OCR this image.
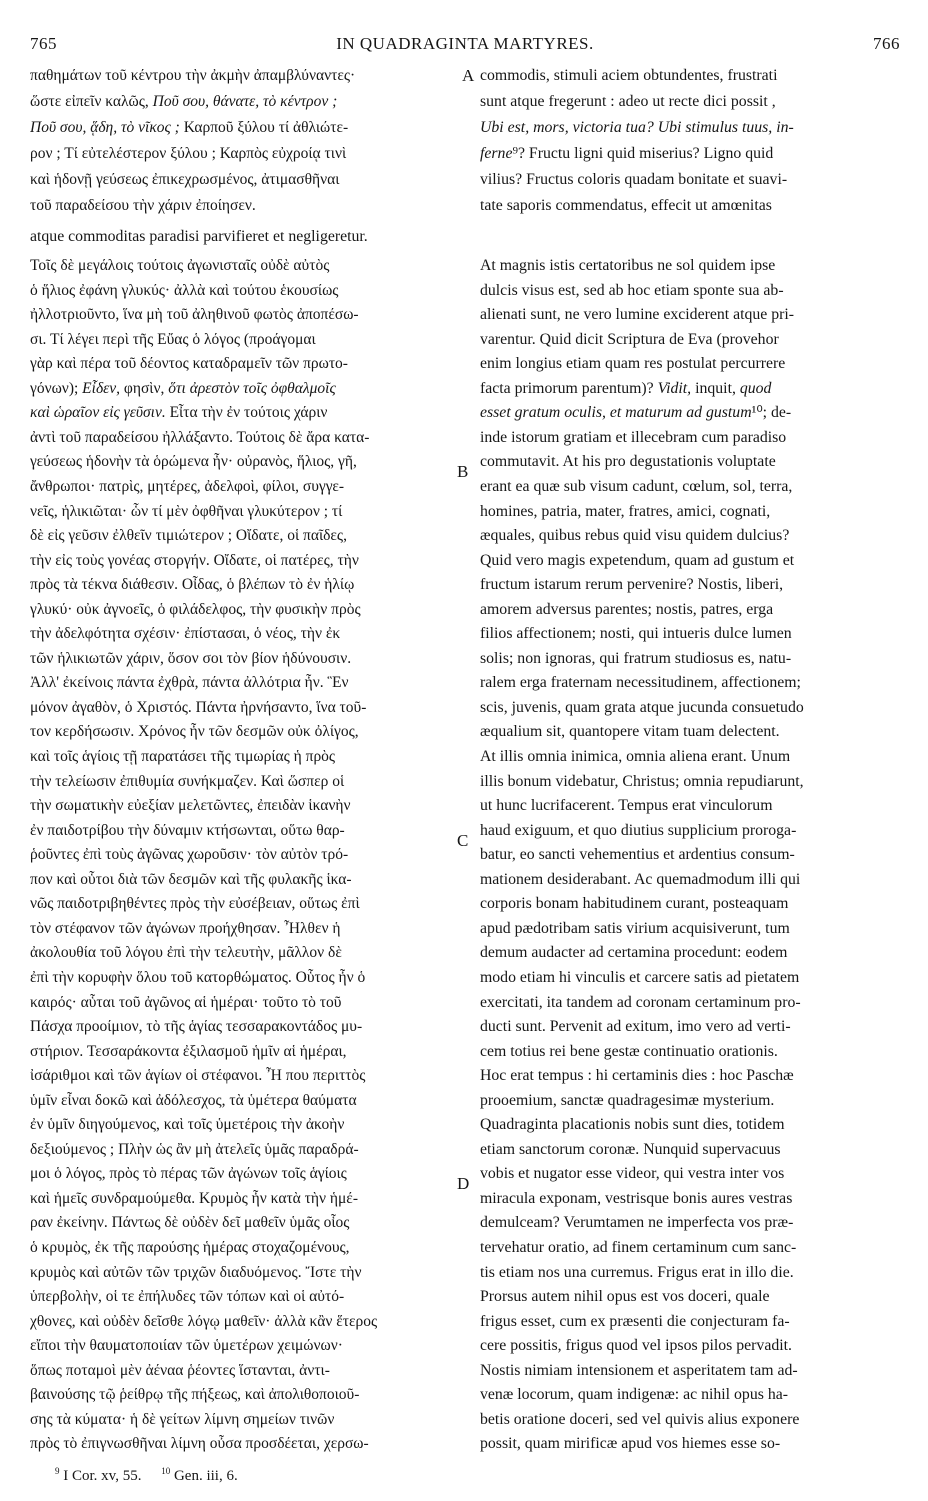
765	IN QUADRAGINTA MARTYRES.	766
παθημάτων τοῦ κέντρου τὴν ἀκμὴν ἀπαμβλύναντες·
ὥστε εἰπεῖν καλῶς, Ποῦ σου, θάνατε, τὸ κέντρον ;
Ποῦ σου, ᾅδη, τὸ νῖκος ; Καρποῦ ξύλου τί ἀθλιώτε-
ρον ; Τί εὐτελέστερον ξύλου ; Καρπὸς εὐχροίᾳ τινὶ
καὶ ἡδονῇ γεύσεως ἐπικεχρωσμένος, ἀτιμασθῆναι
τοῦ παραδείσου τὴν χάριν ἐποίησεν.
commodis, stimuli aciem obtundentes, frustrati
sunt atque fregerunt : adeo ut recte dici possit ,
Ubi est, mors, victoria tua? Ubi stimulus tuus, in-
ferne⁹? Fructu ligni quid miserius? Ligno quid
vilius? Fructus coloris quadam bonitate et suavi-
tate saporis commendatus, effecit ut amœnitas
atque commoditas paradisi parvifieret et negligeretur.
Τοῖς δὲ μεγάλοις τούτοις ἀγωνισταῖς οὐδὲ αὐτὸς
ὁ ἥλιος ἐφάνη γλυκύς· ἀλλὰ καὶ τούτου ἑκουσίως
ἠλλοτριοῦντο, ἵνα μὴ τοῦ ἀληθινοῦ φωτὸς ἀποπέσω-
σι. Τί λέγει περὶ τῆς Εὔας ὁ λόγος (προάγομαι
γὰρ καὶ πέρα τοῦ δέοντος καταδραμεῖν τῶν πρωτο-
γόνων); Εἶδεν, φησὶν, ὅτι ἀρεστὸν τοῖς ὀφθαλμοῖς
καὶ ὡραῖον εἰς γεῦσιν. Εἶτα τὴν ἐν τούτοις χάριν
ἀντὶ τοῦ παραδείσου ἠλλάξαντο. Τούτοις δὲ ἄρα κατα-
γεύσεως ἡδονὴν τὰ ὁρώμενα ἦν· οὐρανὸς, ἥλιος, γῆ,
ἄνθρωποι· πατρὶς, μητέρες, ἀδελφοὶ, φίλοι, συγγε-
νεῖς, ἡλικιῶται· ὧν τί μὲν ὀφθῆναι γλυκύτερον ; τί
δὲ εἰς γεῦσιν ἐλθεῖν τιμιώτερον ; Οἴδατε, οἱ παῖδες,
τὴν εἰς τοὺς γονέας στοργήν. Οἴδατε, οἱ πατέρες, τὴν
πρὸς τὰ τέκνα διάθεσιν. Οἶδας, ὁ βλέπων τὸ ἐν ἡλίῳ
γλυκύ· οὐκ ἀγνοεῖς, ὁ φιλάδελφος, τὴν φυσικὴν πρὸς
τὴν ἀδελφότητα σχέσιν· ἐπίστασαι, ὁ νέος, τὴν ἐκ
τῶν ἡλικιωτῶν χάριν, ὅσον σοι τὸν βίον ἡδύνουσιν.
Ἀλλ' ἐκείνοις πάντα ἐχθρὰ, πάντα ἀλλότρια ἦν. Ἓν
μόνον ἀγαθὸν, ὁ Χριστός. Πάντα ἠρνήσαντο, ἵνα τοῦ-
τον κερδήσωσιν. Χρόνος ἦν τῶν δεσμῶν οὐκ ὀλίγος,
καὶ τοῖς ἁγίοις τῇ παρατάσει τῆς τιμωρίας ἡ πρὸς
τὴν τελείωσιν ἐπιθυμία συνήκμαζεν. Καὶ ὥσπερ οἱ
τὴν σωματικὴν εὐεξίαν μελετῶντες, ἐπειδὰν ἱκανὴν
ἐν παιδοτρίβου τὴν δύναμιν κτήσωνται, οὕτω θαρ-
ῥοῦντες ἐπὶ τοὺς ἀγῶνας χωροῦσιν· τὸν αὐτὸν τρό-
πον καὶ οὗτοι διὰ τῶν δεσμῶν καὶ τῆς φυλακῆς ἱκα-
νῶς παιδοτριβηθέντες πρὸς τὴν εὐσέβειαν, οὕτως ἐπὶ
τὸν στέφανον τῶν ἀγώνων προήχθησαν. Ἦλθεν ἡ
ἀκολουθία τοῦ λόγου ἐπὶ τὴν τελευτὴν, μᾶλλον δὲ
ἐπὶ τὴν κορυφὴν ὅλου τοῦ κατορθώματος. Οὗτος ἦν ὁ
καιρός· αὗται τοῦ ἀγῶνος αἱ ἡμέραι· τοῦτο τὸ τοῦ
Πάσχα προοίμιον, τὸ τῆς ἁγίας τεσσαρακοντάδος μυ-
στήριον. Τεσσαράκοντα ἐξιλασμοῦ ἡμῖν αἱ ἡμέραι,
ἰσάριθμοι καὶ τῶν ἁγίων οἱ στέφανοι. Ἦ που περιττὸς
ὑμῖν εἶναι δοκῶ καὶ ἀδόλεσχος, τὰ ὑμέτερα θαύματα
ἐν ὑμῖν διηγούμενος, καὶ τοῖς ὑμετέροις τὴν ἀκοὴν
δεξιούμενος ; Πλὴν ὡς ἂν μὴ ἀτελεῖς ὑμᾶς παραδρά-
μοι ὁ λόγος, πρὸς τὸ πέρας τῶν ἀγώνων τοῖς ἁγίοις
καὶ ἡμεῖς συνδραμούμεθα. Κρυμὸς ἦν κατὰ τὴν ἡμέ-
ραν ἐκείνην. Πάντως δὲ οὐδὲν δεῖ μαθεῖν ὑμᾶς οἷος
ὁ κρυμὸς, ἐκ τῆς παρούσης ἡμέρας στοχαζομένους,
κρυμὸς καὶ αὐτῶν τῶν τριχῶν διαδυόμενος. Ἴστε τὴν
ὑπερβολὴν, οἱ τε ἐπήλυδες τῶν τόπων καὶ οἱ αὐτό-
χθονες, καὶ οὐδὲν δεῖσθε λόγῳ μαθεῖν· ἀλλὰ κἂν ἕτερος
εἴποι τὴν θαυματοποιίαν τῶν ὑμετέρων χειμώνων·
ὅπως ποταμοὶ μὲν ἀέναα ῥέοντες ἵστανται, ἀντι-
βαινούσης τῷ ῥείθρῳ τῆς πήξεως, καὶ ἀπολιθοποιοῦ-
σης τὰ κύματα· ἡ δὲ γείτων λίμνη σημείων τινῶν
πρὸς τὸ ἐπιγνωσθῆναι λίμνη οὖσα προσδέεται, χερσω-
At magnis istis certatoribus ne sol quidem ipse
dulcis visus est, sed ab hoc etiam sponte sua ab-
alienati sunt, ne vero lumine exciderent atque pri-
varentur. Quid dicit Scriptura de Eva (provehor
enim longius etiam quam res postulat percurrere
facta primorum parentum)? Vidit, inquit, quod
esset gratum oculis, et maturum ad gustum¹⁰; de-
inde istorum gratiam et illecebram cum paradiso
commutavit. At his pro degustationis voluptate
erant ea quæ sub visum cadunt, cœlum, sol, terra,
homines, patria, mater, fratres, amici, cognati,
æquales, quibus rebus quid visu quidem dulcius?
Quid vero magis expetendum, quam ad gustum et
fructum istarum rerum pervenire? Nostis, liberi,
amorem adversus parentes; nostis, patres, erga
filios affectionem; nosti, qui intueris dulce lumen
solis; non ignoras, qui fratrum studiosus es, natu-
ralem erga fraternam necessitudinem, affectionem;
scis, juvenis, quam grata atque jucunda consuetudo
æqualium sit, quantopere vitam tuam delectent.
At illis omnia inimica, omnia aliena erant. Unum
illis bonum videbatur, Christus; omnia repudiarunt,
ut hunc lucrifacerent. Tempus erat vinculorum
haud exiguum, et quo diutius supplicium proroga-
batur, eo sancti vehementius et ardentius consum-
mationem desiderabant. Ac quemadmodum illi qui
corporis bonam habitudinem curant, posteaquam
apud pædotribam satis virium acquisiverunt, tum
demum audacter ad certamina procedunt: eodem
modo etiam hi vinculis et carcere satis ad pietatem
exercitati, ita tandem ad coronam certaminum pro-
ducti sunt. Pervenit ad exitum, imo vero ad verti-
cem totius rei bene gestæ continuatio orationis.
Hoc erat tempus : hi certaminis dies : hoc Paschæ
prooemium, sanctæ quadragesimæ mysterium.
Quadraginta placationis nobis sunt dies, totidem
etiam sanctorum coronæ. Nunquid supervacuus
vobis et nugator esse videor, qui vestra inter vos
miracula exponam, vestrisque bonis aures vestras
demulceam? Verumtamen ne imperfecta vos præ-
tervehatur oratio, ad finem certaminum cum sanc-
tis etiam nos una curremus. Frigus erat in illo die.
Prorsus autem nihil opus est vos doceri, quale
frigus esset, cum ex præsenti die conjecturam fa-
cere possitis, frigus quod vel ipsos pilos pervadit.
Nostis nimiam intensionem et asperitatem tam ad-
venæ locorum, quam indigenæ: ac nihil opus ha-
betis oratione doceri, sed vel quivis alius exponere
possit, quam mirificæ apud vos hiemes esse so-
A
B
C
D
$^9$ I Cor. xv, 55. $^{10}$ Gen. iii, 6.
